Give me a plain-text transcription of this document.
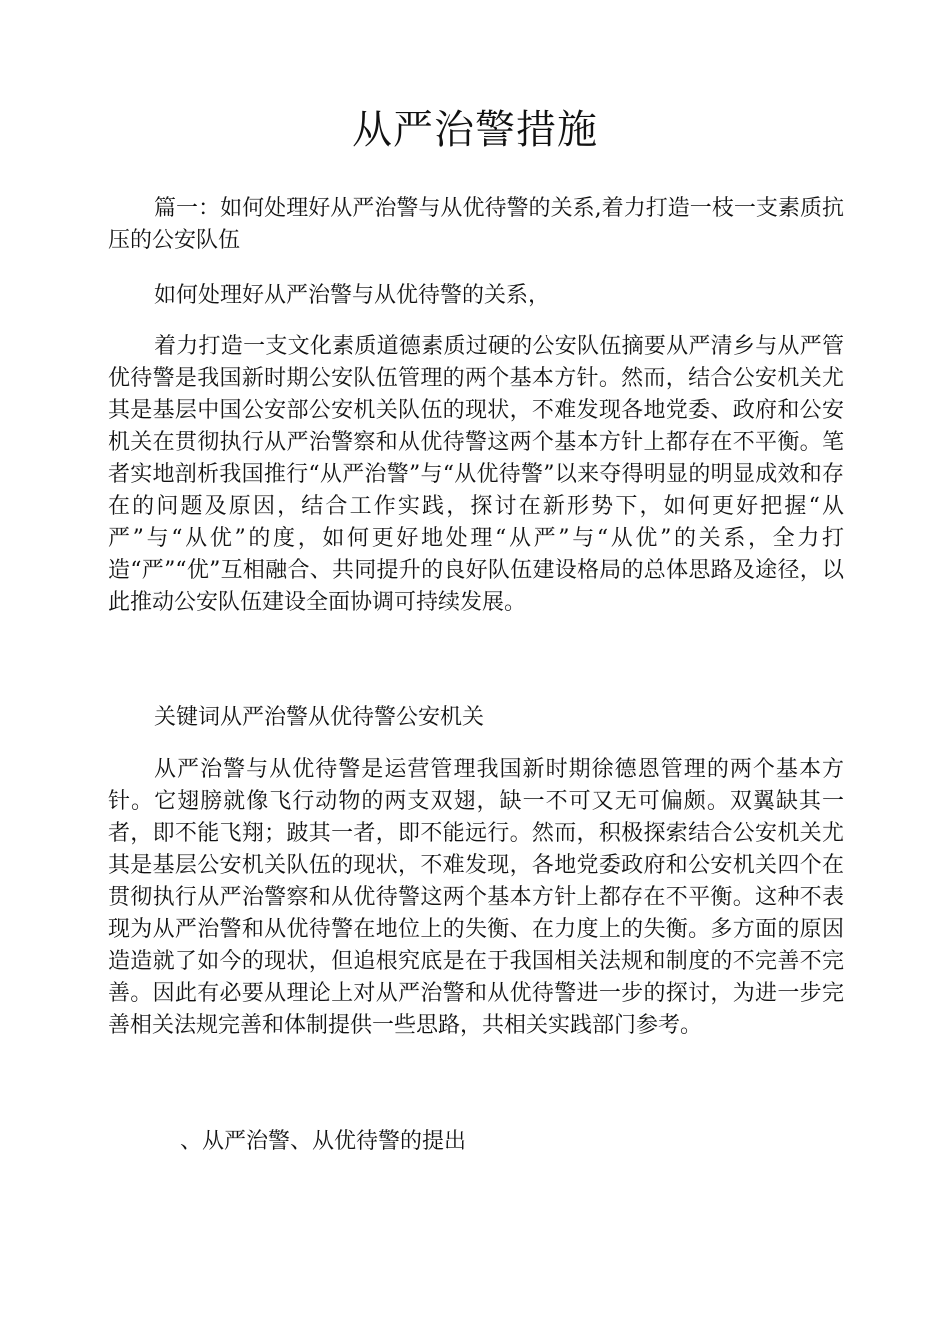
从严治警措施
篇一：如何处理好从严治警与从优待警的关系,着力打造一枝一支素质抗压的公安队伍
如何处理好从严治警与从优待警的关系，
着力打造一支文化素质道德素质过硬的公安队伍摘要从严清乡与从严管优待警是我国新时期公安队伍管理的两个基本方针。然而，结合公安机关尤其是基层中国公安部公安机关队伍的现状，不难发现各地党委、政府和公安机关在贯彻执行从严治警察和从优待警这两个基本方针上都存在不平衡。笔者实地剖析我国推行“从严治警”与“从优待警”以来夺得明显的明显成效和存在的问题及原因，结合工作实践，探讨在新形势下，如何更好把握“从严”与“从优”的度，如何更好地处理“从严”与“从优”的关系，全力打造“严”“优”互相融合、共同提升的良好队伍建设格局的总体思路及途径，以此推动公安队伍建设全面协调可持续发展。
关键词从严治警从优待警公安机关
从严治警与从优待警是运营管理我国新时期徐德恩管理的两个基本方针。它翅膀就像飞行动物的两支双翅，缺一不可又无可偏颇。双翼缺其一者，即不能飞翔；跛其一者，即不能远行。然而，积极探索结合公安机关尤其是基层公安机关队伍的现状，不难发现，各地党委政府和公安机关四个在贯彻执行从严治警察和从优待警这两个基本方针上都存在不平衡。这种不表现为从严治警和从优待警在地位上的失衡、在力度上的失衡。多方面的原因造造就了如今的现状，但追根究底是在于我国相关法规和制度的不完善不完善。因此有必要从理论上对从严治警和从优待警进一步的探讨，为进一步完善相关法规完善和体制提供一些思路，共相关实践部门参考。
、从严治警、从优待警的提出
